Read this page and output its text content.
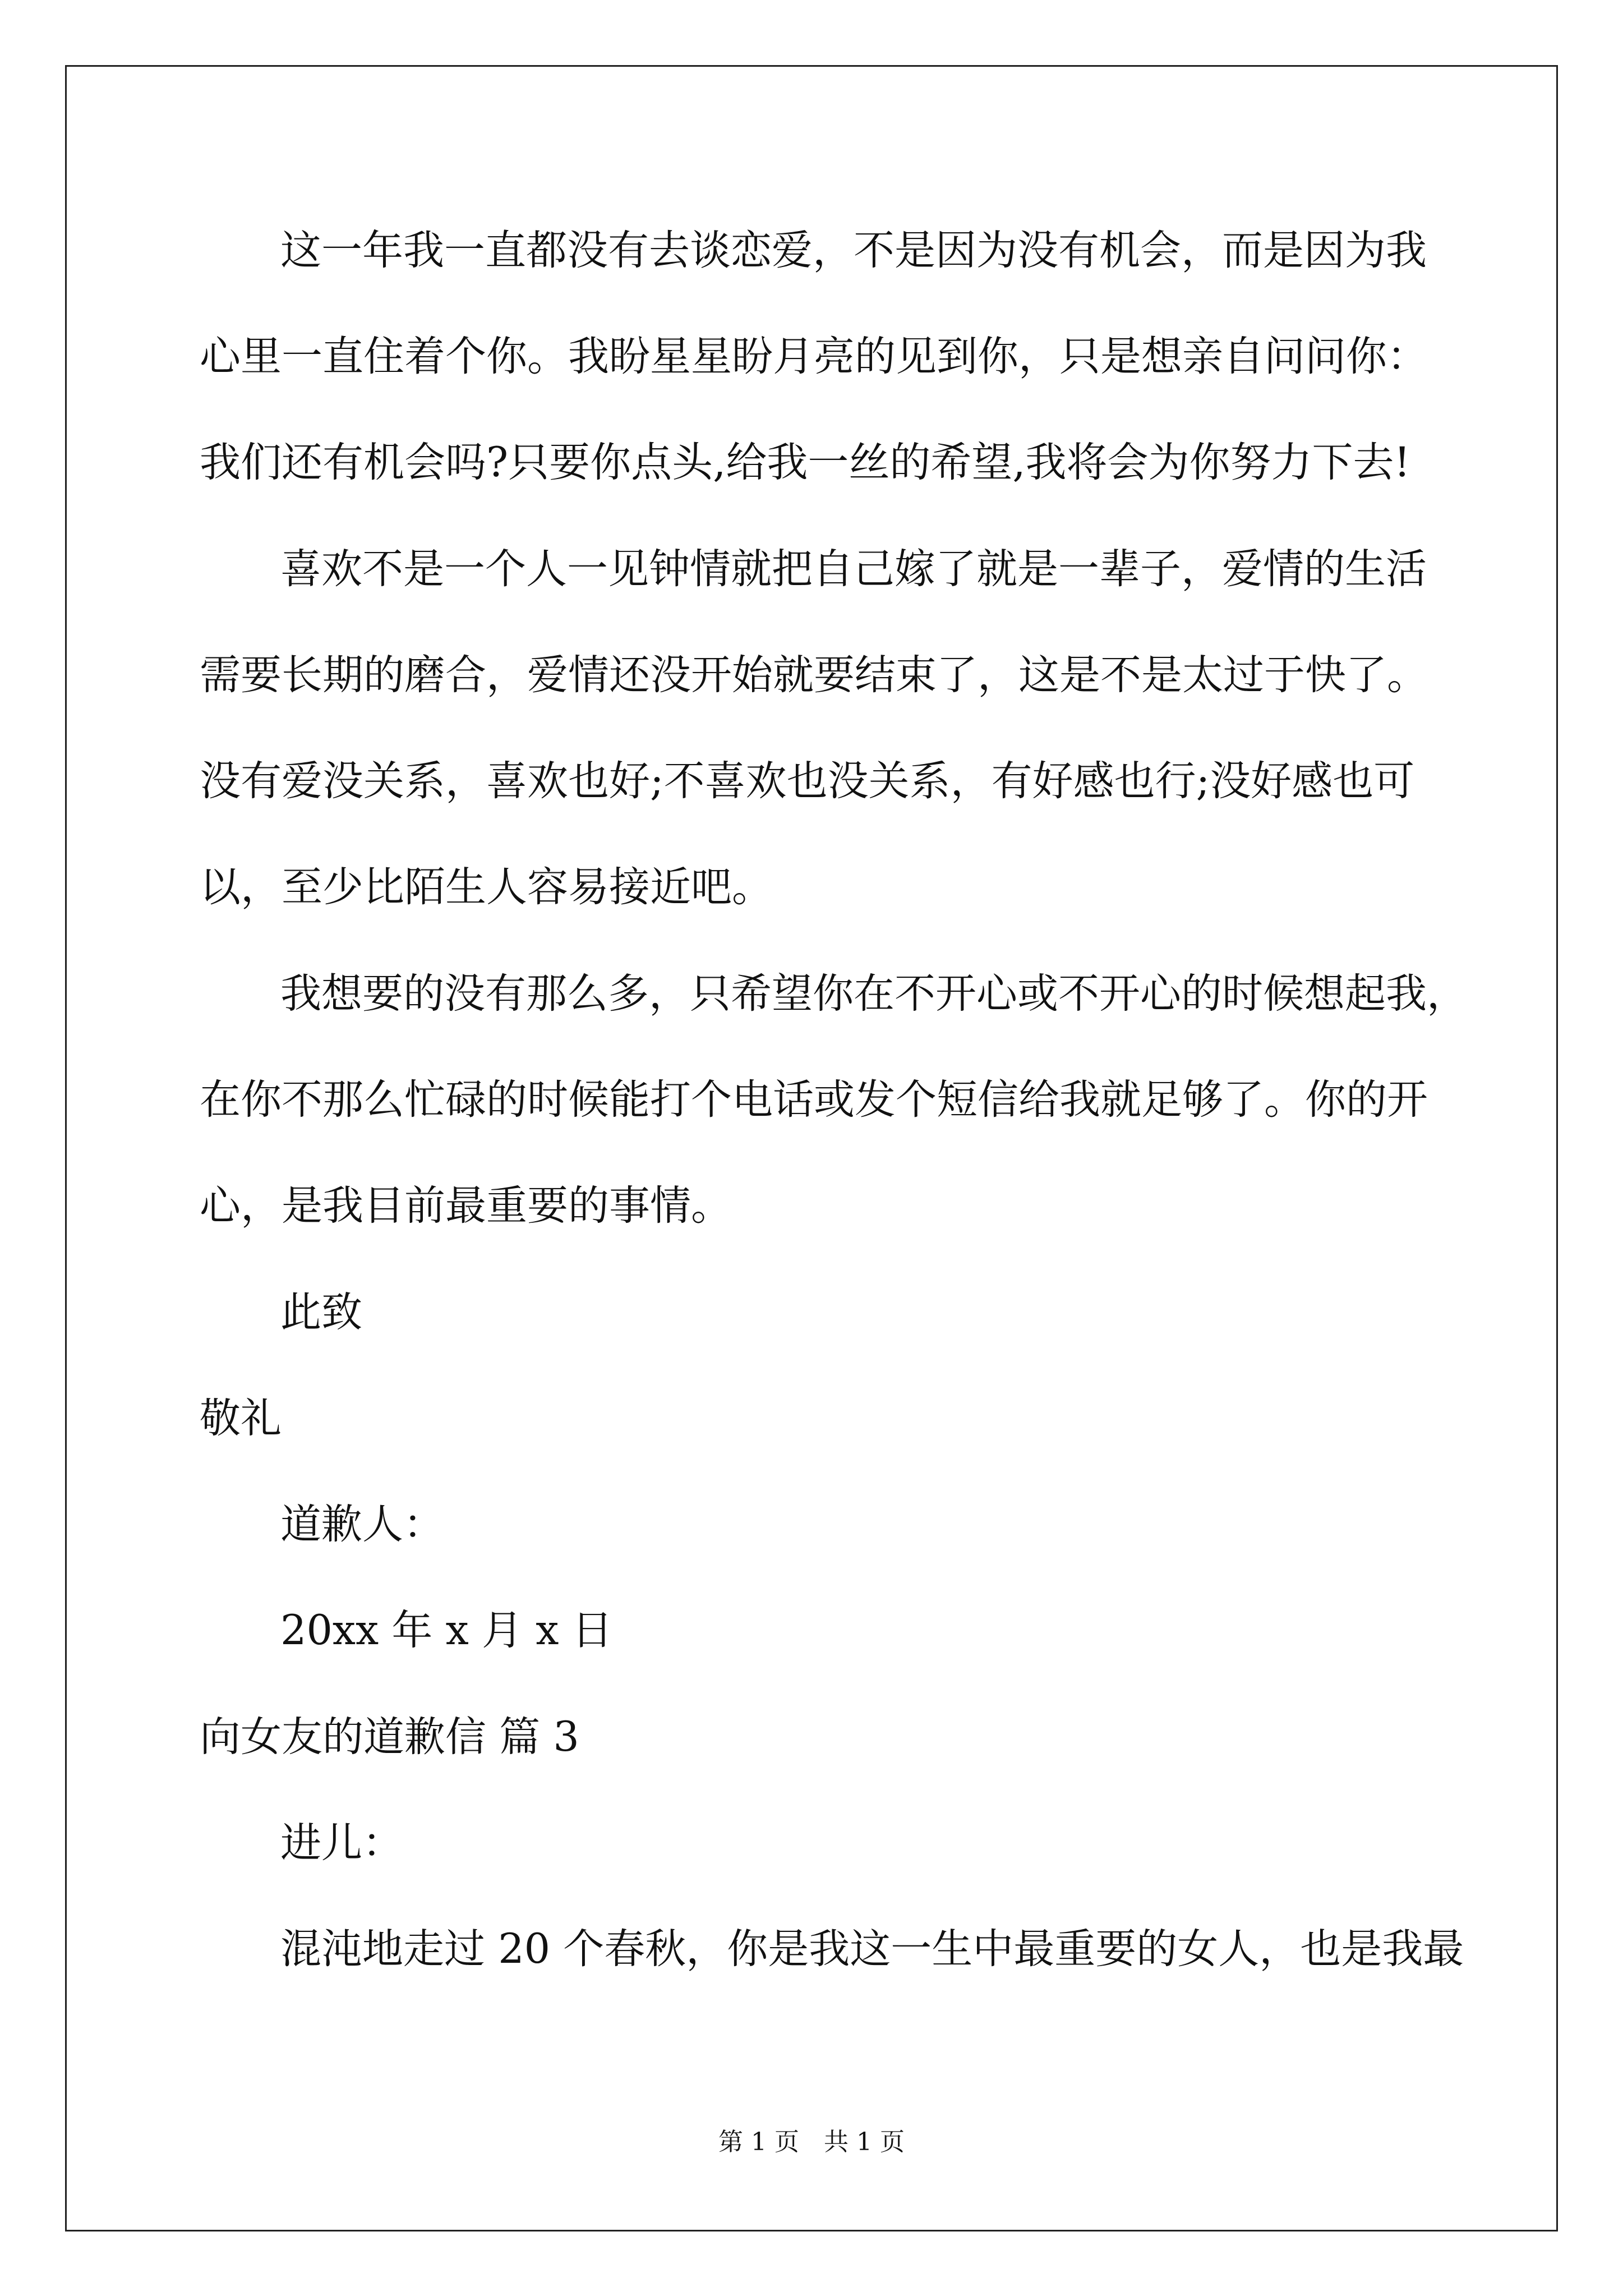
这一年我一直都没有去谈恋爱，不是因为没有机会，而是因为我
心里一直住着个你。我盼星星盼月亮的见到你，只是想亲自问问你：
我们还有机会吗?只要你点头,给我一丝的希望,我将会为你努力下去!
喜欢不是一个人一见钟情就把自己嫁了就是一辈子，爱情的生活
需要长期的磨合，爱情还没开始就要结束了，这是不是太过于快了。
没有爱没关系，喜欢也好;不喜欢也没关系，有好感也行;没好感也可
以，至少比陌生人容易接近吧。
我想要的没有那么多，只希望你在不开心或不开心的时候想起我，
在你不那么忙碌的时候能打个电话或发个短信给我就足够了。你的开
心，是我目前最重要的事情。
此致
敬礼
道歉人：
20xx 年 x 月 x 日
向女友的道歉信 篇 3
进儿：
混沌地走过 20 个春秋，你是我这一生中最重要的女人，也是我最
第 1 页　共 1 页
